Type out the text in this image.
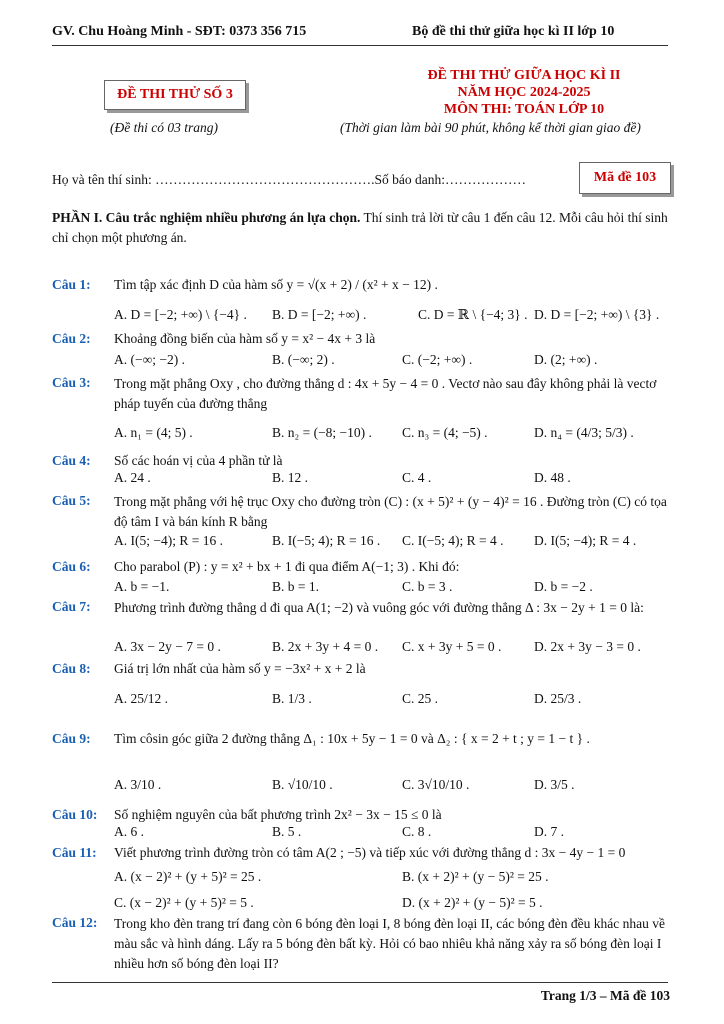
GV. Chu Hoàng Minh - SĐT: 0373 356 715	Bộ đề thi thử giữa học kì II lớp 10
ĐỀ THI THỬ SỐ 3
(Đề thi có 03 trang)
ĐỀ THI THỬ GIỮA HỌC KÌ II
NĂM HỌC 2024-2025
MÔN THI: TOÁN LỚP 10
(Thời gian làm bài 90 phút, không kể thời gian giao đề)
Họ và tên thí sinh: ………………………………………….Số báo danh:………………	Mã đề 103
PHẦN I. Câu trắc nghiệm nhiều phương án lựa chọn. Thí sinh trả lời từ câu 1 đến câu 12. Mỗi câu hỏi thí sinh chỉ chọn một phương án.
Câu 1: Tìm tập xác định D của hàm số y = √(x + 2) / (x² + x − 12) .
A. D = [−2; +∞) \ {−4} . B. D = [−2; +∞) .	C. D = ℝ \ {−4; 3} . D. D = [−2; +∞) \ {3} .
Câu 2: Khoảng đồng biến của hàm số y = x² − 4x + 3 là
A. (−∞; −2) .	B. (−∞; 2) .	C. (−2; +∞) .	D. (2; +∞) .
Câu 3: Trong mặt phẳng Oxy , cho đường thẳng d : 4x + 5y − 4 = 0 . Vectơ nào sau đây không phải là vectơ pháp tuyến của đường thẳng
A. n₁ = (4; 5) .	B. n₂ = (−8; −10) . C. n₃ = (4; −5) .	D. n₄ = (4/3; 5/3) .
Câu 4: Số các hoán vị của 4 phần tử là
A. 24 .	B. 12 .	C. 4 .	D. 48 .
Câu 5: Trong mặt phẳng với hệ trục Oxy cho đường tròn (C) : (x + 5)² + (y − 4)² = 16 . Đường tròn (C) có tọa độ tâm I và bán kính R bằng
A. I(5; −4); R = 16 .	B. I(−5; 4); R = 16 . C. I(−5; 4); R = 4 . D. I(5; −4); R = 4 .
Câu 6: Cho parabol (P) : y = x² + bx + 1 đi qua điểm A(−1; 3) . Khi đó:
A. b = −1.	B. b = 1.	C. b = 3 .	D. b = −2 .
Câu 7: Phương trình đường thẳng d đi qua A(1; −2) và vuông góc với đường thẳng Δ : 3x − 2y + 1 = 0 là:
A. 3x − 2y − 7 = 0 .	B. 2x + 3y + 4 = 0 . C. x + 3y + 5 = 0 . D. 2x + 3y − 3 = 0 .
Câu 8: Giá trị lớn nhất của hàm số y = −3x² + x + 2 là
A. 25/12 .	B. 1/3 .	C. 25 .	D. 25/3 .
Câu 9: Tìm côsin góc giữa 2 đường thẳng Δ₁ : 10x + 5y − 1 = 0 và Δ₂ : { x = 2 + t ; y = 1 − t } .
A. 3/10 .	B. √10/10 .	C. 3√10/10 .	D. 3/5 .
Câu 10: Số nghiệm nguyên của bất phương trình 2x² − 3x − 15 ≤ 0 là
A. 6 .	B. 5 .	C. 8 .	D. 7 .
Câu 11: Viết phương trình đường tròn có tâm A(2 ; −5) và tiếp xúc với đường thẳng d : 3x − 4y − 1 = 0
A. (x − 2)² + (y + 5)² = 25 .	B. (x + 2)² + (y − 5)² = 25 .
C. (x − 2)² + (y + 5)² = 5 .	D. (x + 2)² + (y − 5)² = 5 .
Câu 12: Trong kho đèn trang trí đang còn 6 bóng đèn loại I, 8 bóng đèn loại II, các bóng đèn đều khác nhau về màu sắc và hình dáng. Lấy ra 5 bóng đèn bất kỳ. Hỏi có bao nhiêu khả năng xảy ra số bóng đèn loại I nhiều hơn số bóng đèn loại II?
Trang 1/3 – Mã đề 103
